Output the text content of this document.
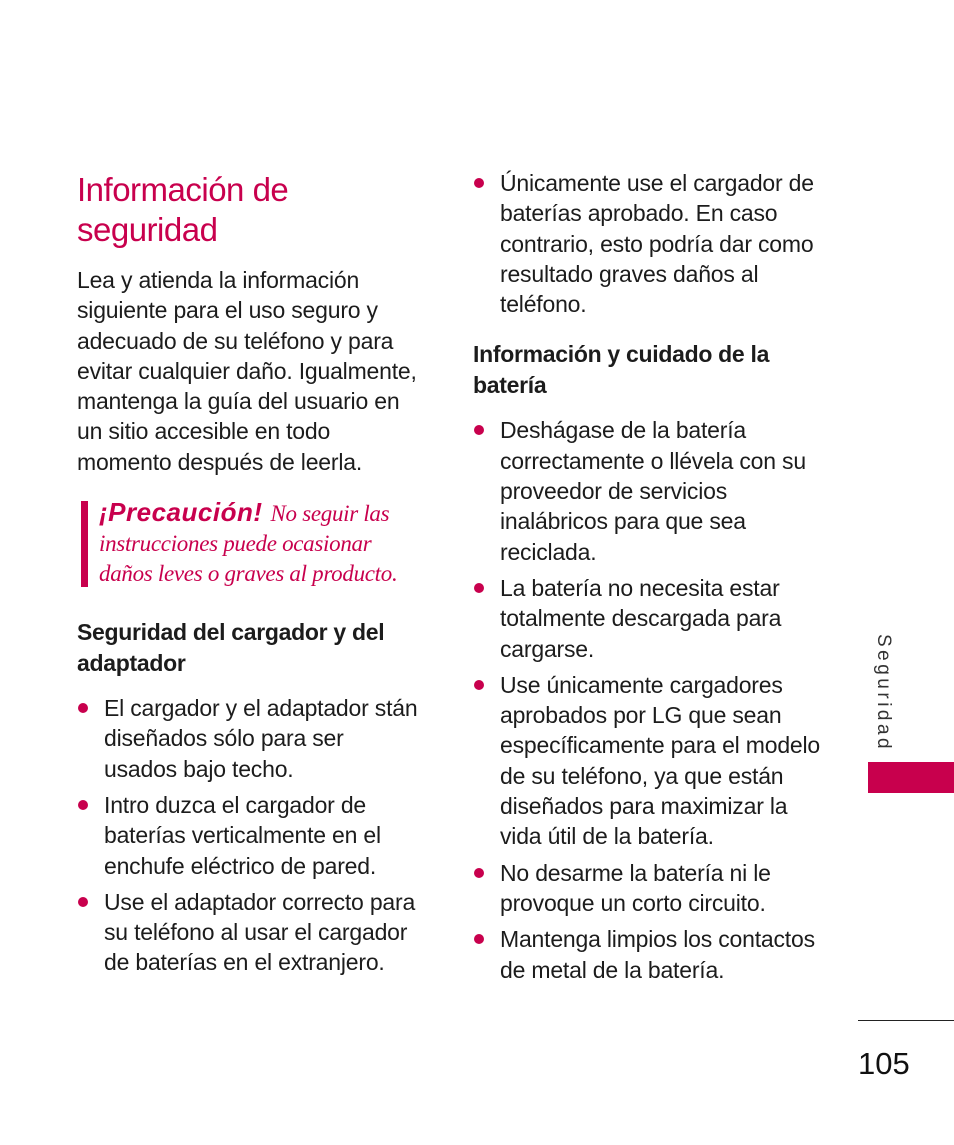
Información de seguridad

Lea y atienda la información siguiente para el uso seguro y adecuado de su teléfono y para evitar cualquier daño. Igualmente, mantenga la guía del usuario en un sitio accesible en todo momento después de leerla.

¡Precaución! No seguir las instrucciones puede ocasionar daños leves o graves al producto.
Seguridad del cargador y del adaptador
El cargador y el adaptador stán diseñados sólo para ser usados bajo techo.
Intro duzca el cargador de baterías verticalmente en el enchufe eléctrico de pared.
Use el adaptador correcto para su teléfono al usar el cargador de baterías en el extranjero.
Únicamente use el cargador de baterías aprobado. En caso contrario, esto podría dar como resultado graves daños al teléfono.
Información y cuidado de la batería
Deshágase de la batería correctamente o llévela con su proveedor de servicios inalábricos para que sea reciclada.
La batería no necesita estar totalmente descargada para cargarse.
Use únicamente cargadores aprobados por LG que sean específicamente para el modelo de su teléfono, ya que están diseñados para maximizar la vida útil de la batería.
No desarme la batería ni le provoque un corto circuito.
Mantenga limpios los contactos de metal de la batería.
Seguridad
105
